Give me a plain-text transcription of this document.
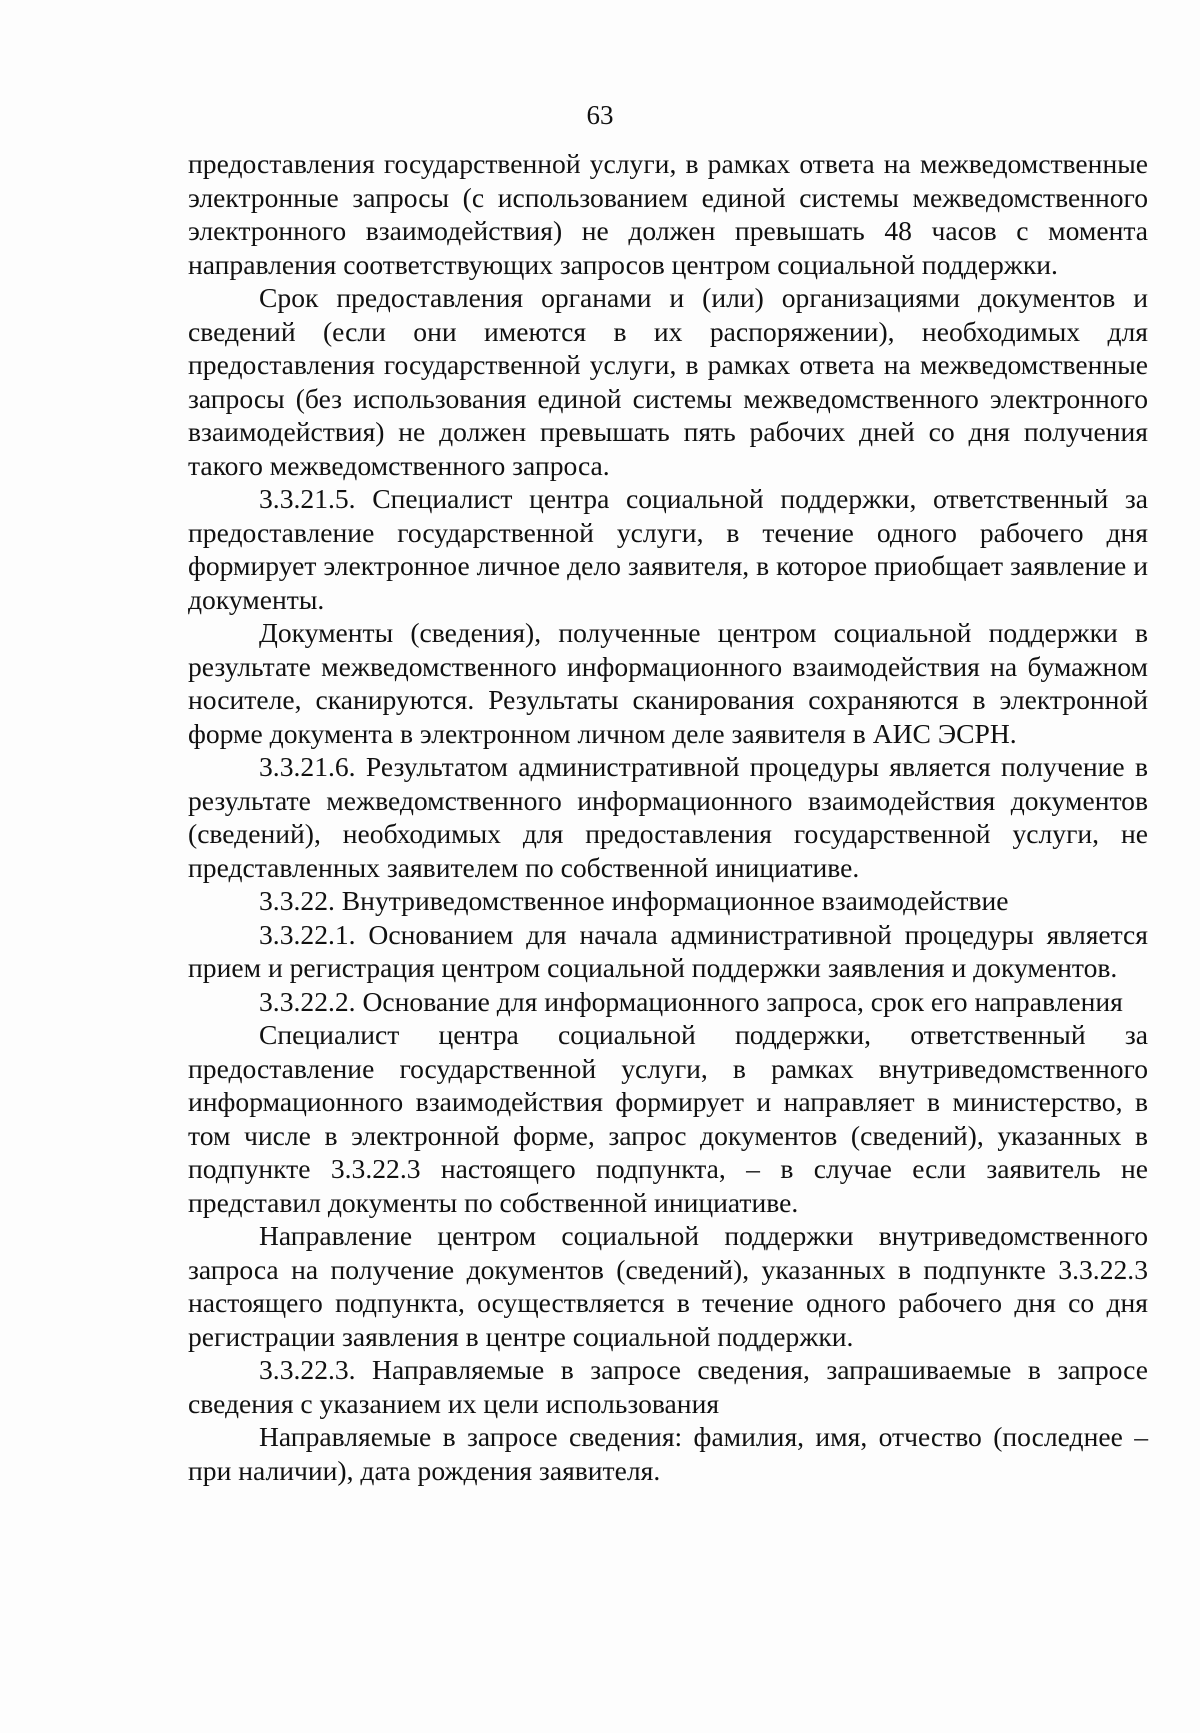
63

предоставления государственной услуги, в рамках ответа на межведомственные электронные запросы (с использованием единой системы межведомственного электронного взаимодействия) не должен превышать 48 часов с момента направления соответствующих запросов центром социальной поддержки.

Срок предоставления органами и (или) организациями документов и сведений (если они имеются в их распоряжении), необходимых для предоставления государственной услуги, в рамках ответа на межведомственные запросы (без использования единой системы межведомственного электронного взаимодействия) не должен превышать пять рабочих дней со дня получения такого межведомственного запроса.

3.3.21.5. Специалист центра социальной поддержки, ответственный за предоставление государственной услуги, в течение одного рабочего дня формирует электронное личное дело заявителя, в которое приобщает заявление и документы.

Документы (сведения), полученные центром социальной поддержки в результате межведомственного информационного взаимодействия на бумажном носителе, сканируются. Результаты сканирования сохраняются в электронной форме документа в электронном личном деле заявителя в АИС ЭСРН.

3.3.21.6. Результатом административной процедуры является получение в результате межведомственного информационного взаимодействия документов (сведений), необходимых для предоставления государственной услуги, не представленных заявителем по собственной инициативе.

3.3.22. Внутриведомственное информационное взаимодействие

3.3.22.1. Основанием для начала административной процедуры является прием и регистрация центром социальной поддержки заявления и документов.

3.3.22.2. Основание для информационного запроса, срок его направления

Специалист центра социальной поддержки, ответственный за предоставление государственной услуги, в рамках внутриведомственного информационного взаимодействия формирует и направляет в министерство, в том числе в электронной форме, запрос документов (сведений), указанных в подпункте 3.3.22.3 настоящего подпункта, – в случае если заявитель не представил документы по собственной инициативе.

Направление центром социальной поддержки внутриведомственного запроса на получение документов (сведений), указанных в подпункте 3.3.22.3 настоящего подпункта, осуществляется в течение одного рабочего дня со дня регистрации заявления в центре социальной поддержки.

3.3.22.3. Направляемые в запросе сведения, запрашиваемые в запросе сведения с указанием их цели использования

Направляемые в запросе сведения: фамилия, имя, отчество (последнее – при наличии), дата рождения заявителя.
